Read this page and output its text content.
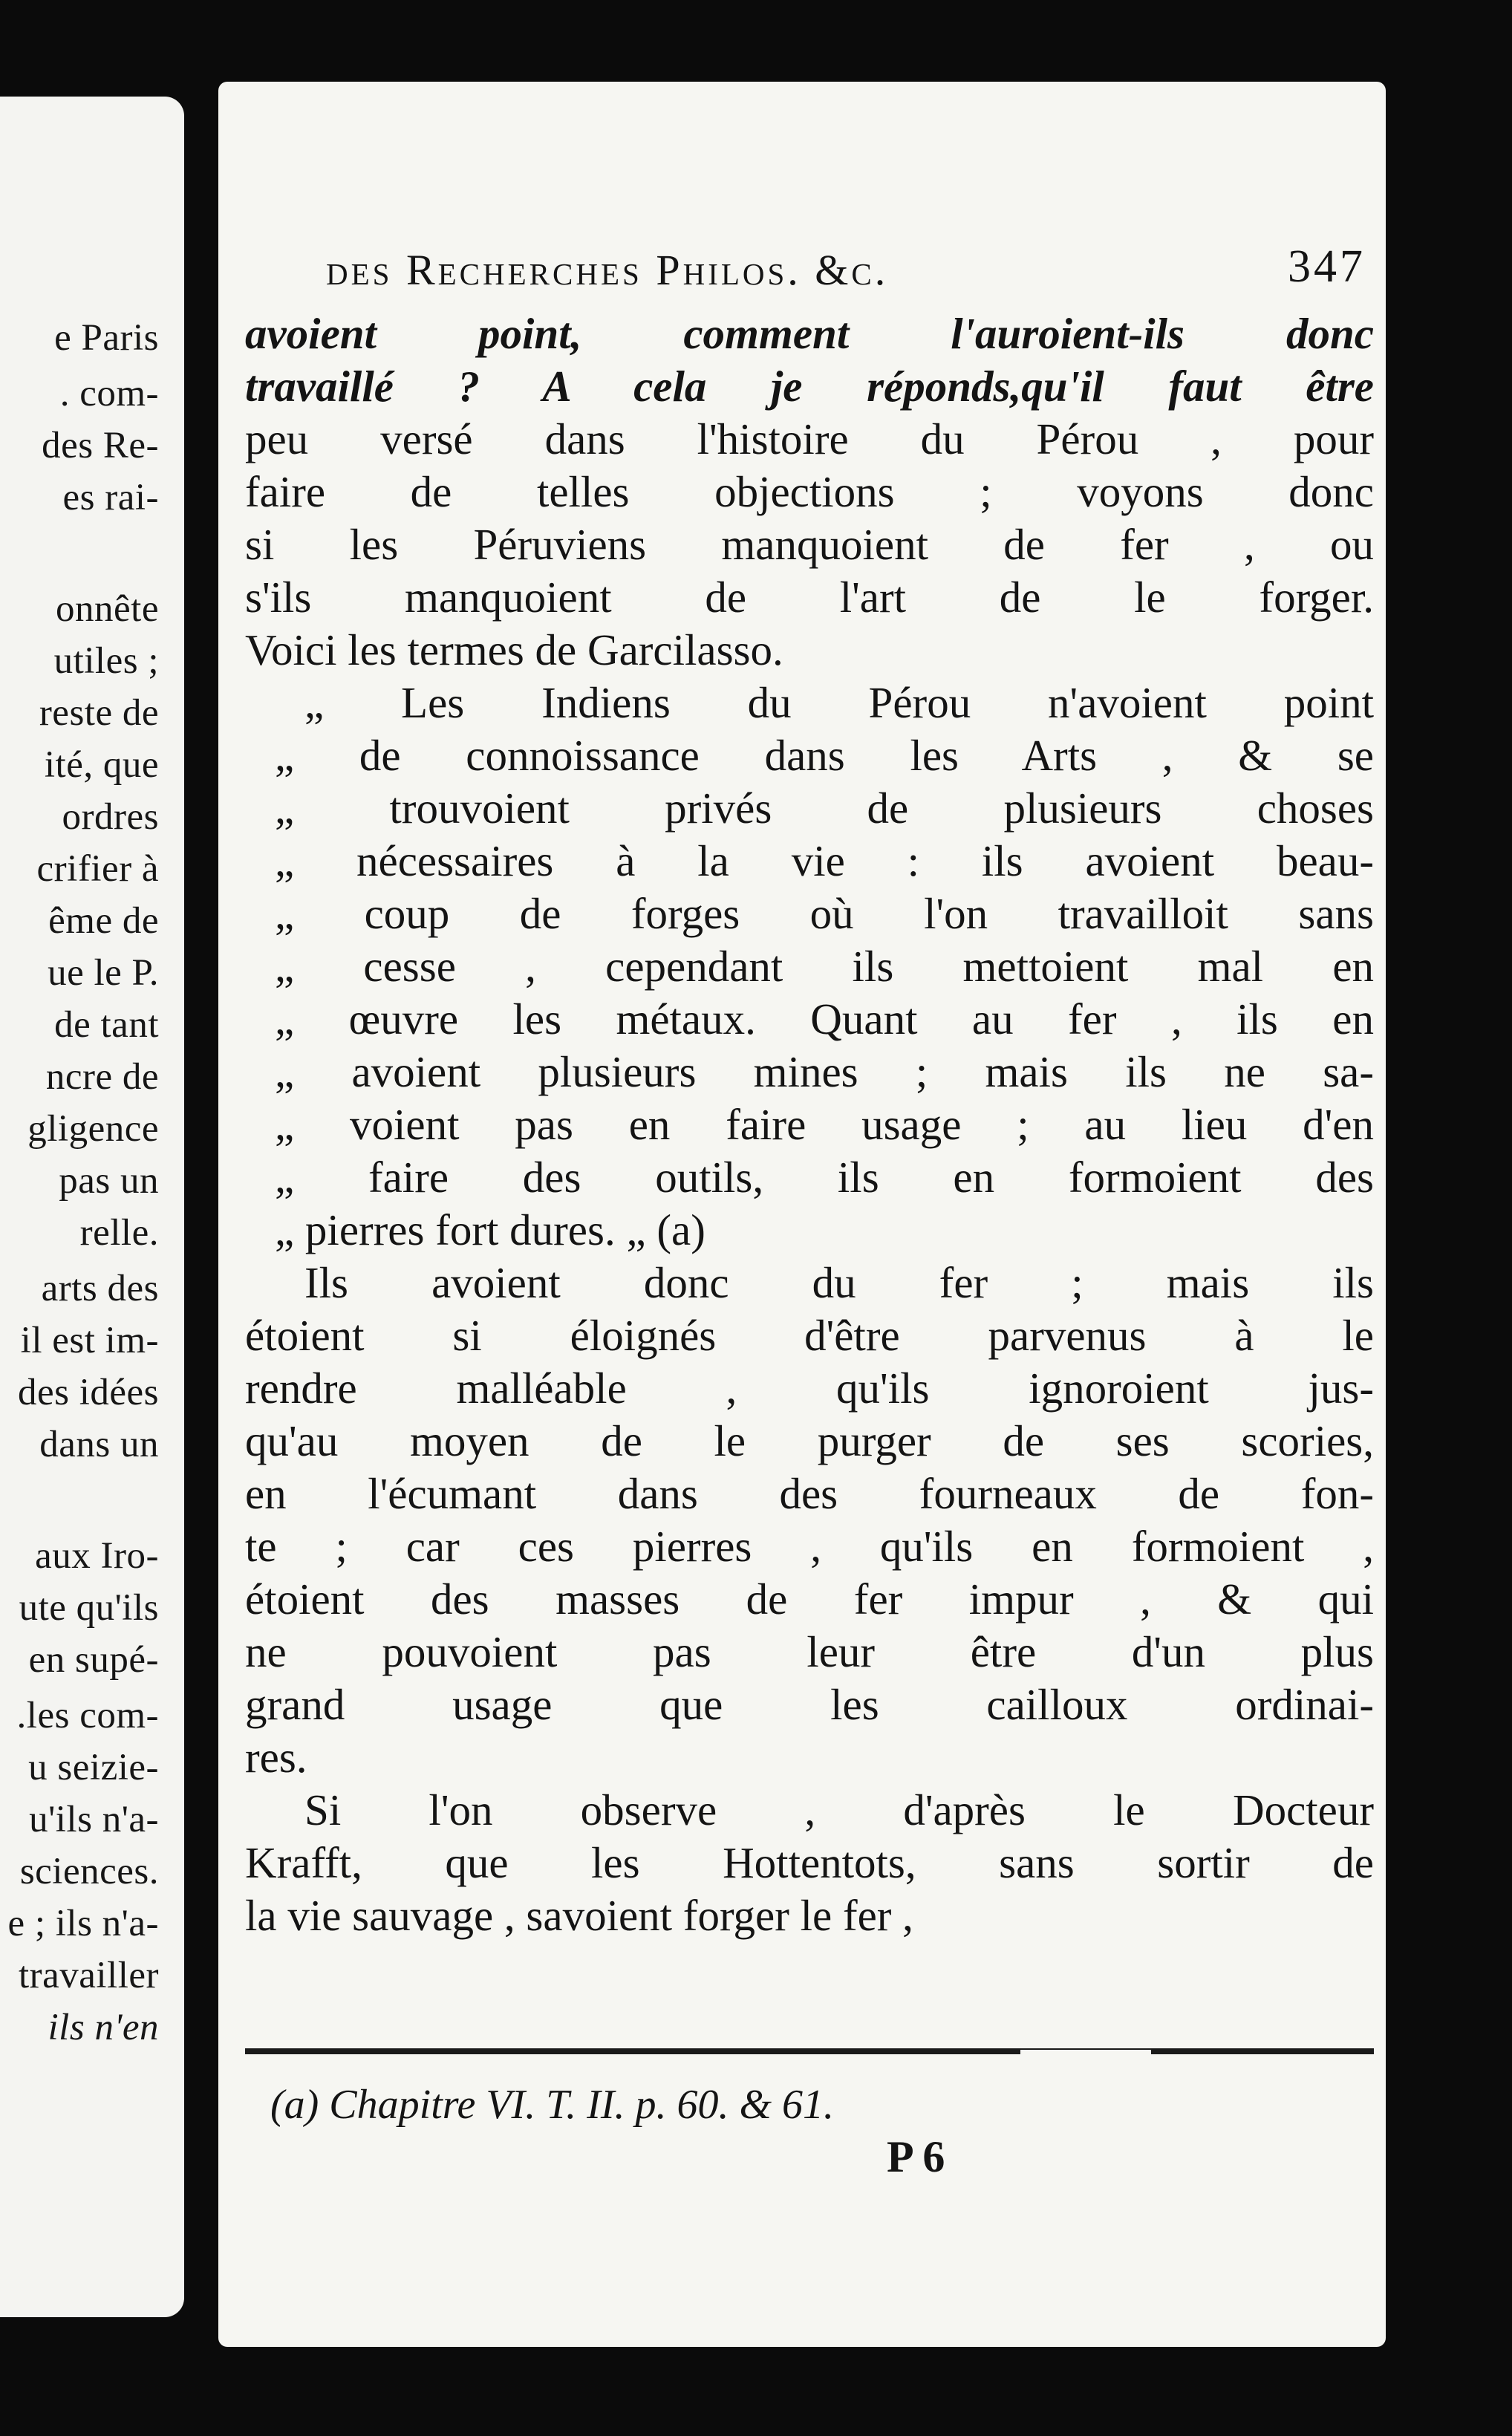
e Paris
. com-
des Re-
es rai-
onnête
utiles ;
reste de
ité, que
ordres
crifier à
ême de
ue le P.
de tant
ncre de
gligence
pas un
relle.
arts des
il est im-
des idées
dans un
aux Iro-
ute qu'ils
en supé-
.les com-
u seizie-
u'ils n'a-
sciences.
e ; ils n'a-
travailler
ils n'en
des Recherches Philos. &c.	347
avoient point, comment l'auroient-ils donc
travaillé ? A cela je réponds,qu'il faut être
peu versé dans l'histoire du Pérou , pour
faire de telles objections ; voyons donc
si les Péruviens manquoient de fer , ou
s'ils manquoient de l'art de le forger.
Voici les termes de Garcilasso.
„ Les Indiens du Pérou n'avoient point
„ de connoissance dans les Arts , & se
„ trouvoient privés de plusieurs choses
„ nécessaires à la vie : ils avoient beau-
„ coup de forges où l'on travailloit sans
„ cesse , cependant ils mettoient mal en
„ œuvre les métaux. Quant au fer , ils en
„ avoient plusieurs mines ; mais ils ne sa-
„ voient pas en faire usage ; au lieu d'en
„ faire des outils, ils en formoient des
„ pierres fort dures. „ (a)
Ils avoient donc du fer ; mais ils
étoient si éloignés d'être parvenus à le
rendre malléable , qu'ils ignoroient jus-
qu'au moyen de le purger de ses scories,
en l'écumant dans des fourneaux de fon-
te ; car ces pierres , qu'ils en formoient ,
étoient des masses de fer impur , & qui
ne pouvoient pas leur être d'un plus
grand usage que les cailloux ordinai-
res.
Si l'on observe , d'après le Docteur
Krafft, que les Hottentots, sans sortir de
la vie sauvage , savoient forger le fer ,
(a) Chapitre VI. T. II. p. 60. & 61.
P 6
